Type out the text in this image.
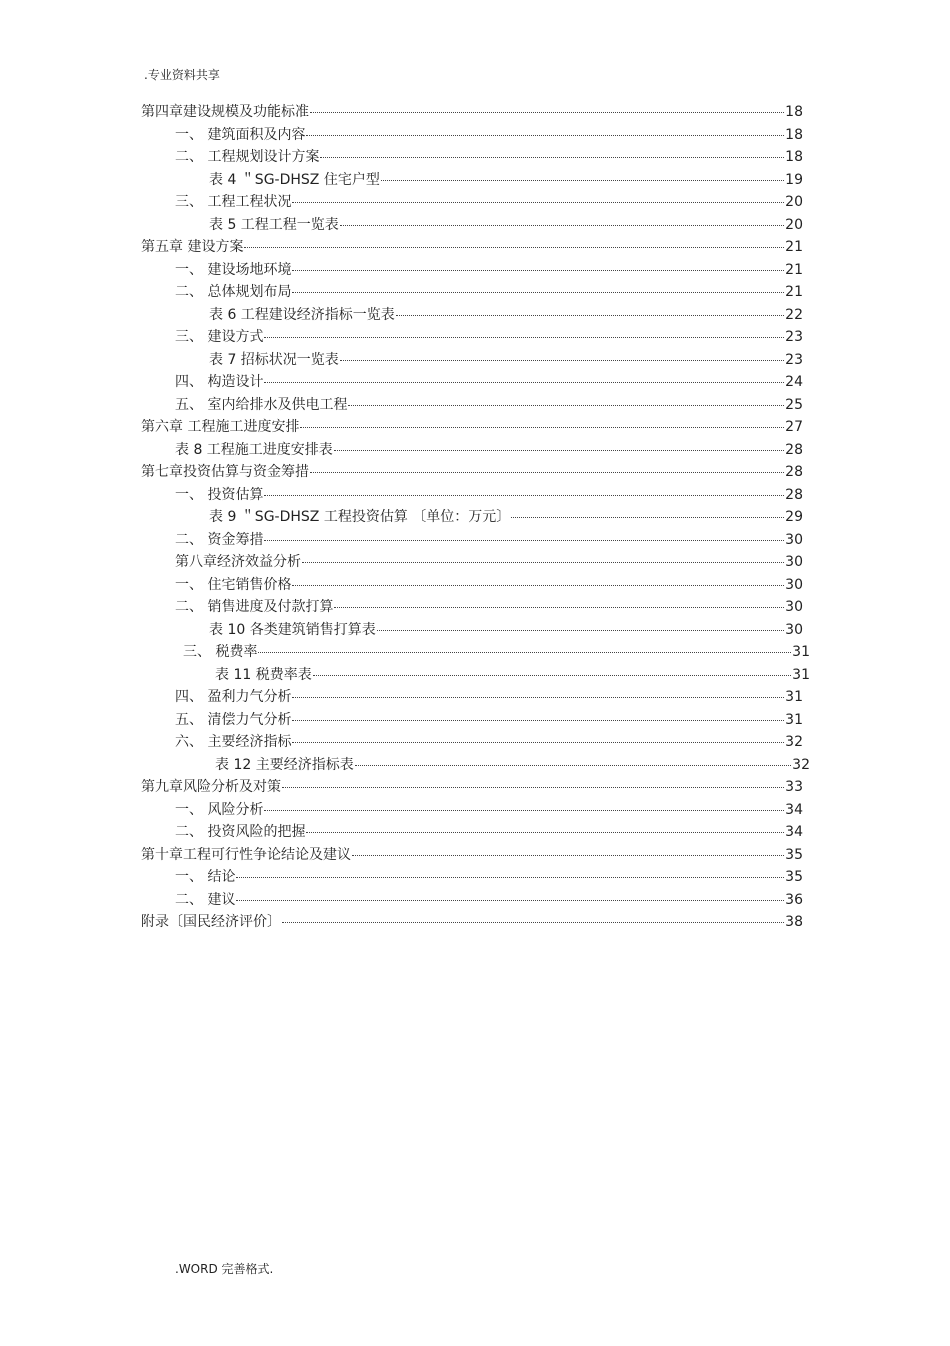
.专业资料共享
第四章建设规模及功能标准	18
一、 建筑面积及内容	18
二、 工程规划设计方案	18
表 4 ＂SG-DHSZ 住宅户型	19
三、 工程工程状况	20
表 5 工程工程一览表	20
第五章 建设方案	21
一、 建设场地环境	21
二、 总体规划布局	21
表 6 工程建设经济指标一览表	22
三、 建设方式	23
表 7 招标状况一览表	23
四、 构造设计	24
五、 室内给排水及供电工程	25
第六章 工程施工进度安排	27
表 8 工程施工进度安排表	28
第七章投资估算与资金筹措	28
一、 投资估算	28
表 9 ＂SG-DHSZ 工程投资估算 〔单位：万元〕	29
二、 资金筹措	30
第八章经济效益分析	30
一、 住宅销售价格	30
二、 销售进度及付款打算	30
表 10 各类建筑销售打算表	30
三、 税费率	31
表 11 税费率表	31
四、 盈利力气分析	31
五、 清偿力气分析	31
六、 主要经济指标	32
表 12 主要经济指标表	32
第九章风险分析及对策	33
一、 风险分析	34
二、 投资风险的把握	34
第十章工程可行性争论结论及建议	35
一、 结论	35
二、 建议	36
附录〔国民经济评价〕	38
.WORD 完善格式.
